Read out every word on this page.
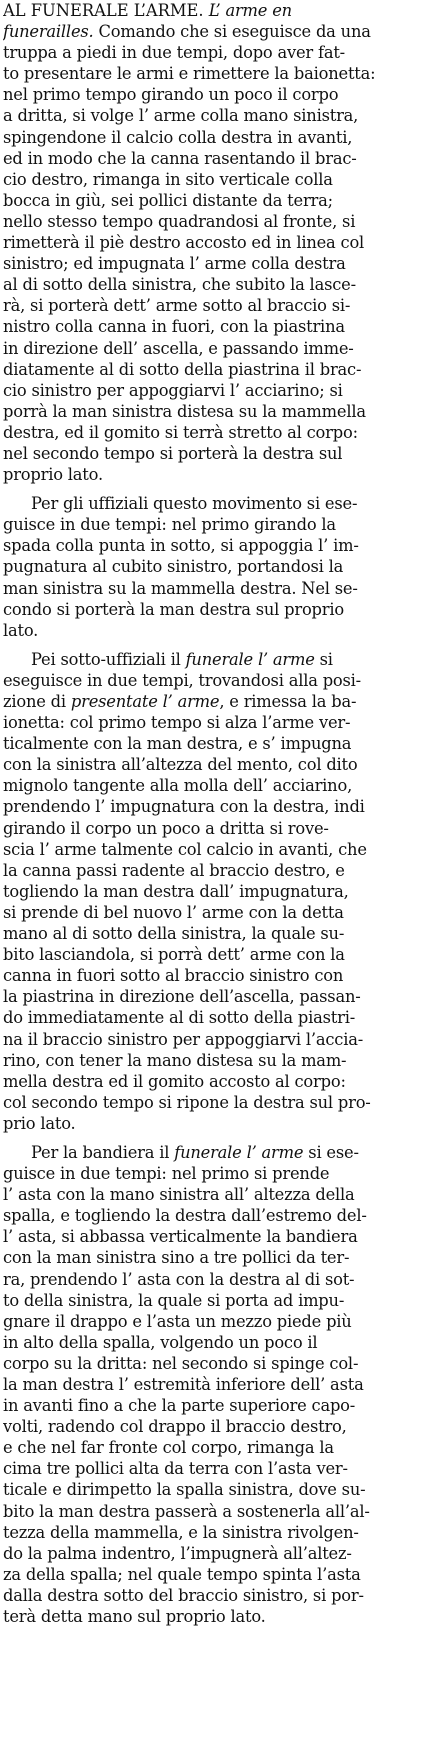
AL FUNERALE L’ARME. L’ arme en
funerailles. Comando che si eseguisce da una
truppa a piedi in due tempi, dopo aver fat-
to presentare le armi e rimettere la baionetta:
nel primo tempo girando un poco il corpo
a dritta, si volge l’ arme colla mano sinistra,
spingendone il calcio colla destra in avanti,
ed in modo che la canna rasentando il brac-
cio destro, rimanga in sito verticale colla
bocca in giù, sei pollici distante da terra;
nello stesso tempo quadrandosi al fronte, si
rimetterà il piè destro accosto ed in linea col
sinistro; ed impugnata l’ arme colla destra
al di sotto della sinistra, che subito la lasce-
rà, si porterà dett’ arme sotto al braccio si-
nistro colla canna in fuori, con la piastrina
in direzione dell’ ascella, e passando imme-
diatamente al di sotto della piastrina il brac-
cio sinistro per appoggiarvi l’ acciarino; si
porrà la man sinistra distesa su la mammella
destra, ed il gomito si terrà stretto al corpo:
nel secondo tempo si porterà la destra sul
proprio lato.
Per gli uffiziali questo movimento si ese-
guisce in due tempi: nel primo girando la
spada colla punta in sotto, si appoggia l’ im-
pugnatura al cubito sinistro, portandosi la
man sinistra su la mammella destra. Nel se-
condo si porterà la man destra sul proprio
lato.
Pei sotto-uffiziali il funerale l’ arme si
eseguisce in due tempi, trovandosi alla posi-
zione di presentate l’ arme, e rimessa la ba-
ionetta: col primo tempo si alza l’arme ver-
ticalmente con la man destra, e s’ impugna
con la sinistra all’altezza del mento, col dito
mignolo tangente alla molla dell’ acciarino,
prendendo l’ impugnatura con la destra, indi
girando il corpo un poco a dritta si rove-
scia l’ arme talmente col calcio in avanti, che
la canna passi radente al braccio destro, e
togliendo la man destra dall’ impugnatura,
si prende di bel nuovo l’ arme con la detta
mano al di sotto della sinistra, la quale su-
bito lasciandola, si porrà dett’ arme con la
canna in fuori sotto al braccio sinistro con
la piastrina in direzione dell’ascella, passan-
do immediatamente al di sotto della piastri-
na il braccio sinistro per appoggiarvi l’accia-
rino, con tener la mano distesa su la mam-
mella destra ed il gomito accosto al corpo:
col secondo tempo si ripone la destra sul pro-
prio lato.
Per la bandiera il funerale l’ arme si ese-
guisce in due tempi: nel primo si prende
l’ asta con la mano sinistra all’ altezza della
spalla, e togliendo la destra dall’estremo del-
l’ asta, si abbassa verticalmente la bandiera
con la man sinistra sino a tre pollici da ter-
ra, prendendo l’ asta con la destra al di sot-
to della sinistra, la quale si porta ad impu-
gnare il drappo e l’asta un mezzo piede più
in alto della spalla, volgendo un poco il
corpo su la dritta: nel secondo si spinge col-
la man destra l’ estremità inferiore dell’ asta
in avanti fino a che la parte superiore capo-
volti, radendo col drappo il braccio destro,
e che nel far fronte col corpo, rimanga la
cima tre pollici alta da terra con l’asta ver-
ticale e dirimpetto la spalla sinistra, dove su-
bito la man destra passerà a sostenerla all’al-
tezza della mammella, e la sinistra rivolgen-
do la palma indentro, l’impugnerà all’altez-
za della spalla; nel quale tempo spinta l’asta
dalla destra sotto del braccio sinistro, si por-
terà detta mano sul proprio lato.
